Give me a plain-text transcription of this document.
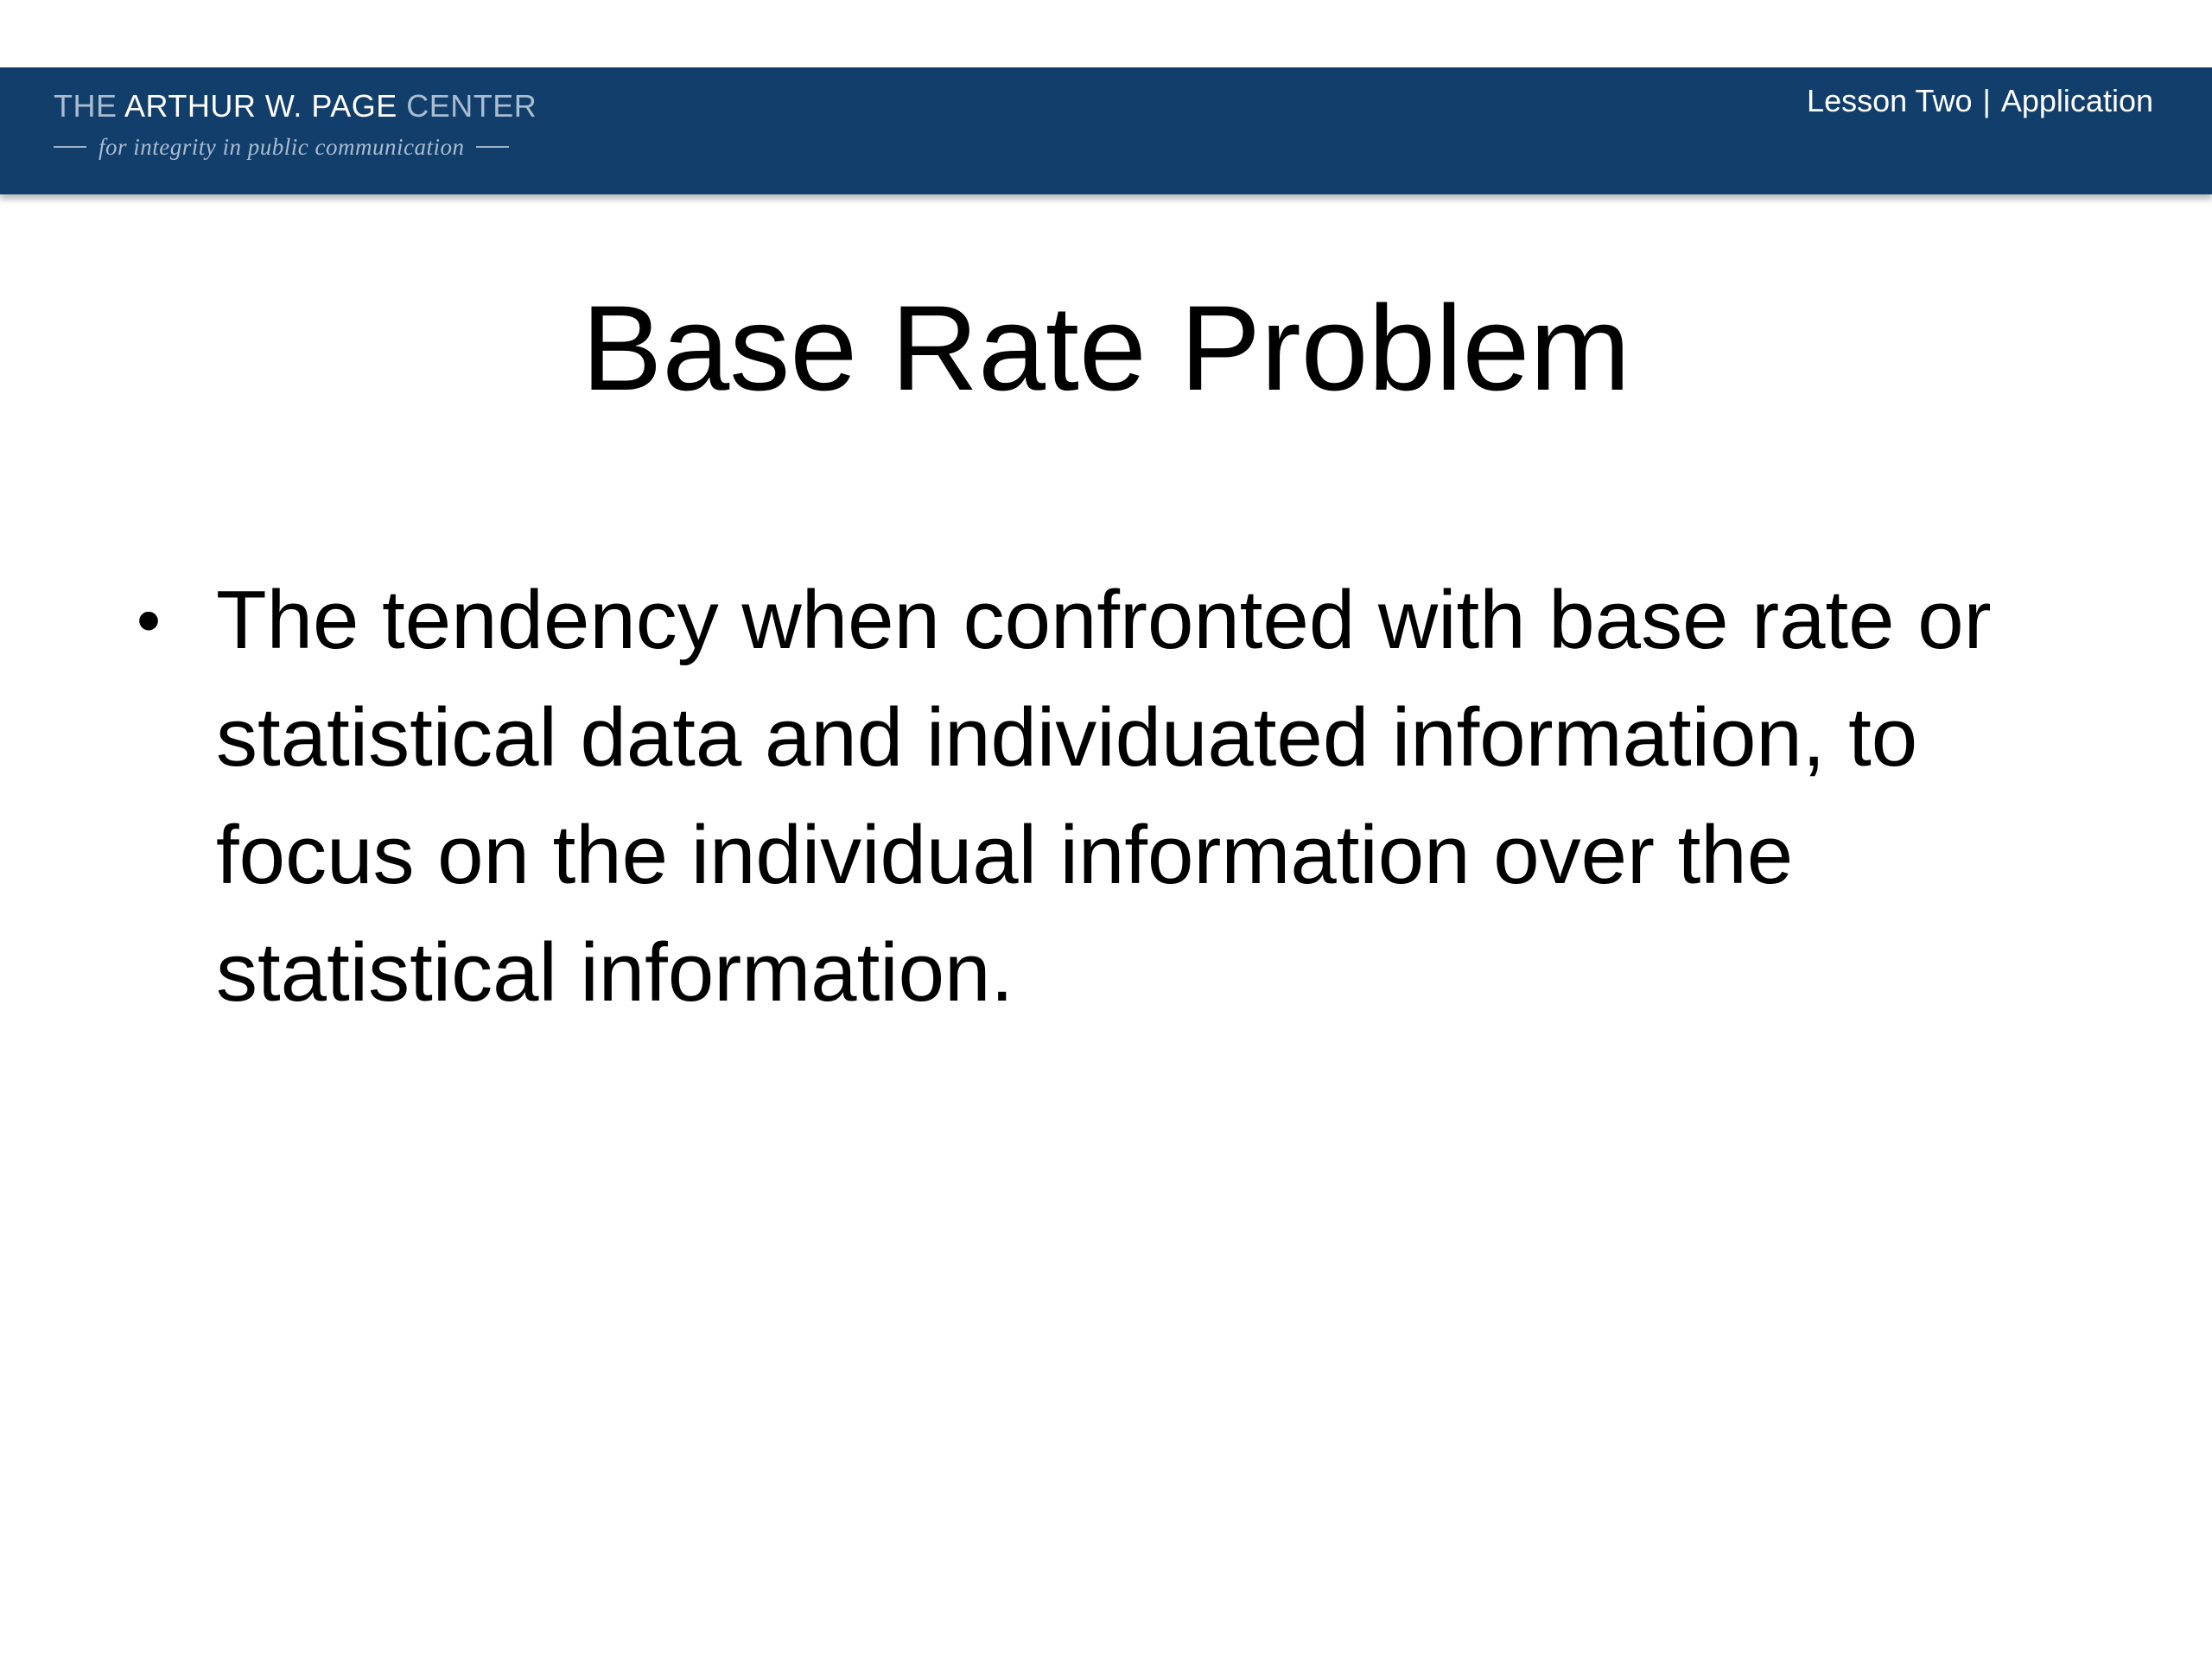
THE ARTHUR W. PAGE CENTER
for integrity in public communication
Lesson Two | Application
Base Rate Problem
• The tendency when confronted with base rate or statistical data and individuated information, to focus on the individual information over the statistical information.
